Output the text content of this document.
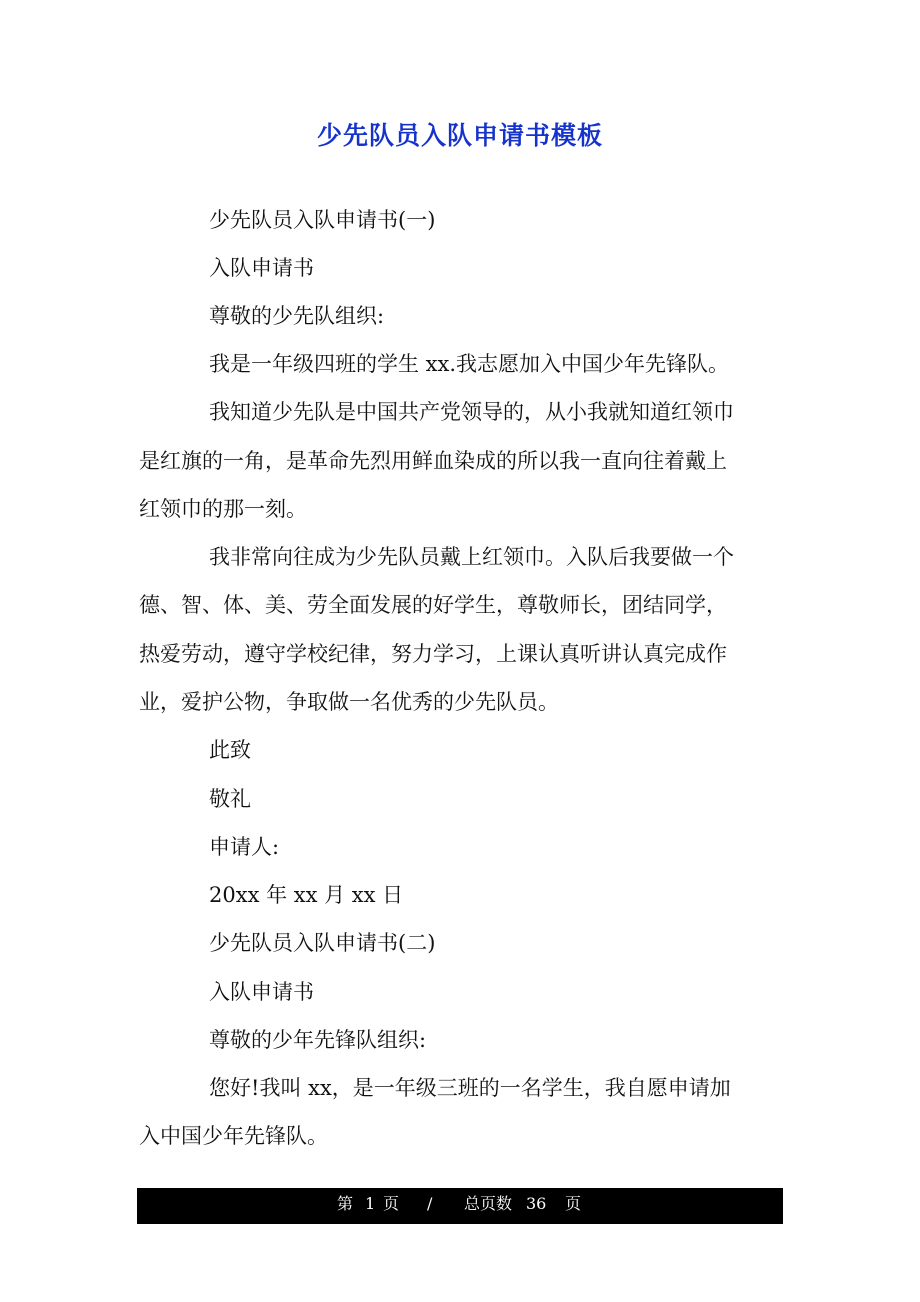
少先队员入队申请书模板
少先队员入队申请书(一)
入队申请书
尊敬的少先队组织:
我是一年级四班的学生 xx.我志愿加入中国少年先锋队。
我知道少先队是中国共产党领导的，从小我就知道红领巾
是红旗的一角，是革命先烈用鲜血染成的所以我一直向往着戴上
红领巾的那一刻。
我非常向往成为少先队员戴上红领巾。入队后我要做一个
德、智、体、美、劳全面发展的好学生，尊敬师长，团结同学，
热爱劳动，遵守学校纪律，努力学习，上课认真听讲认真完成作
业，爱护公物，争取做一名优秀的少先队员。
此致
敬礼
申请人:
20xx 年 xx 月 xx 日
少先队员入队申请书(二)
入队申请书
尊敬的少年先锋队组织:
您好!我叫 xx，是一年级三班的一名学生，我自愿申请加
入中国少年先锋队。
第 1 页 / 总页数 36 页
